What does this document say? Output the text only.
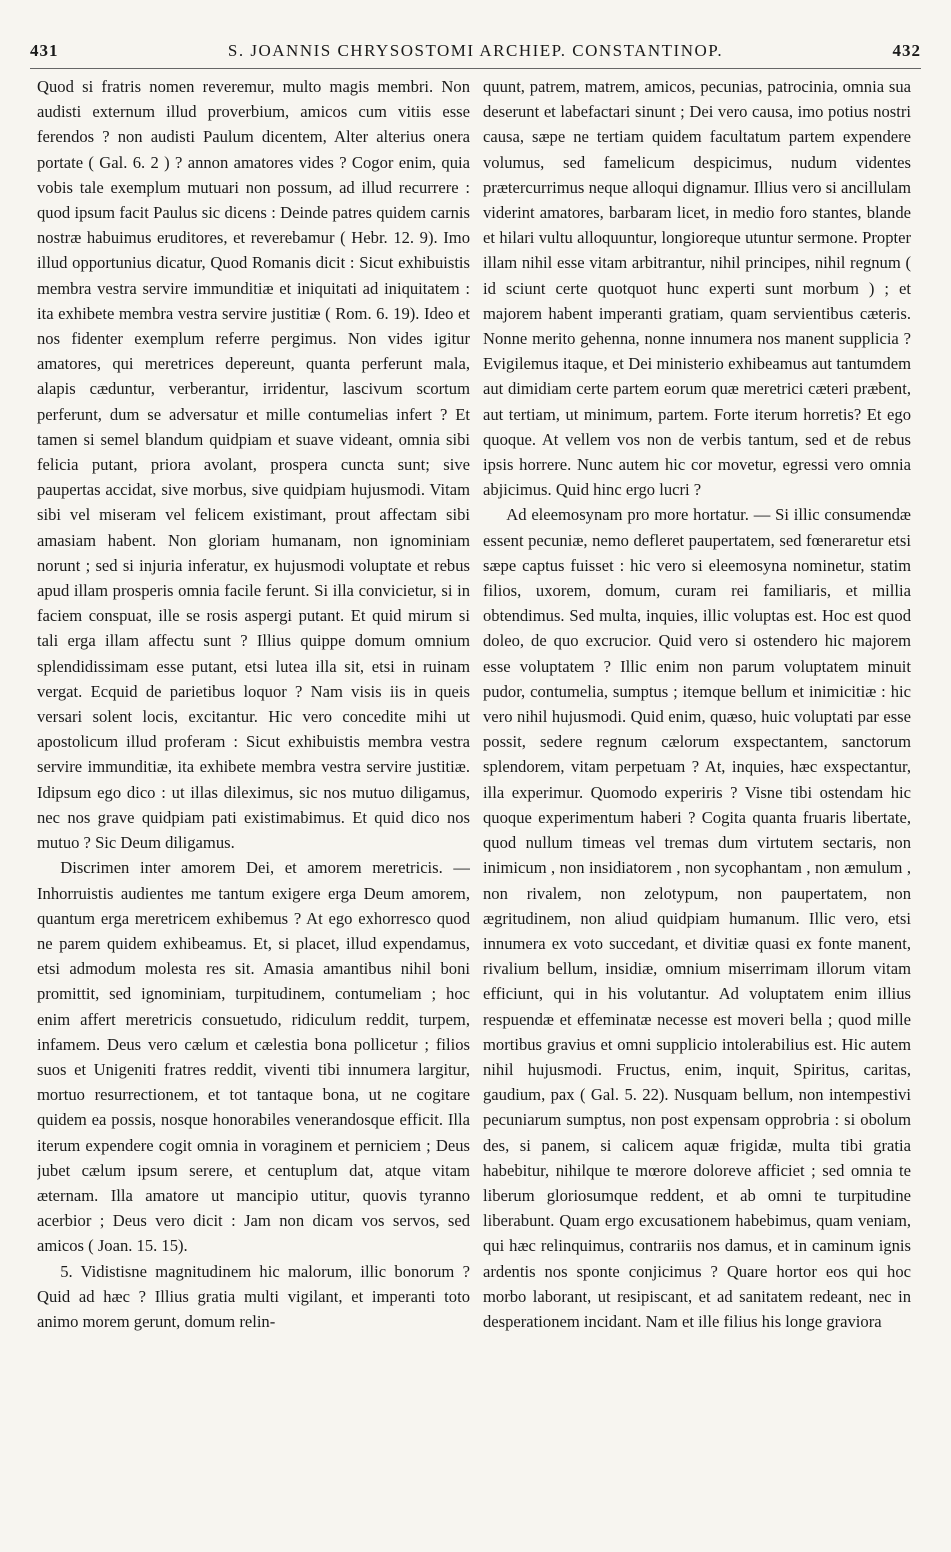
431	S. JOANNIS CHRYSOSTOMI ARCHIEP. CONSTANTINOP.	432

Quod si fratris nomen reveremur, multo magis membri. Non audisti externum illud proverbium, amicos cum vitiis esse ferendos ? non audisti Paulum dicentem, Alter alterius onera portate ( Gal. 6. 2 ) ? annon amatores vides ? Cogor enim, quia vobis tale exemplum mutuari non possum, ad illud recurrere : quod ipsum facit Paulus sic dicens : Deinde patres quidem carnis nostræ habuimus eruditores, et reverebamur ( Hebr. 12. 9). Imo illud opportunius dicatur, Quod Romanis dicit : Sicut exhibuistis membra vestra servire immunditiæ et iniquitati ad iniquitatem : ita exhibete membra vestra servire justitiæ ( Rom. 6. 19). Ideo et nos fidenter exemplum referre pergimus. Non vides igitur amatores, qui meretrices depereunt, quanta perferunt mala, alapis cæduntur, verberantur, irridentur, lascivum scortum perferunt, dum se adversatur et mille contumelias infert ? Et tamen si semel blandum quidpiam et suave videant, omnia sibi felicia putant, priora avolant, prospera cuncta sunt; sive paupertas accidat, sive morbus, sive quidpiam hujusmodi. Vitam sibi vel miseram vel felicem existimant, prout affectam sibi amasiam habent. Non gloriam humanam, non ignominiam norunt ; sed si injuria inferatur, ex hujusmodi voluptate et rebus apud illam prosperis omnia facile ferunt. Si illa convicietur, si in faciem conspuat, ille se rosis aspergi putant. Et quid mirum si tali erga illam affectu sunt ? Illius quippe domum omnium splendidissimam esse putant, etsi lutea illa sit, etsi in ruinam vergat. Ecquid de parietibus loquor ? Nam visis iis in queis versari solent locis, excitantur. Hic vero concedite mihi ut apostolicum illud proferam : Sicut exhibuistis membra vestra servire immunditiæ, ita exhibete membra vestra servire justitiæ. Idipsum ego dico : ut illas dileximus, sic nos mutuo diligamus, nec nos grave quidpiam pati existimabimus. Et quid dico nos mutuo ? Sic Deum diligamus.

Discrimen inter amorem Dei, et amorem meretricis. — Inhorruistis audientes me tantum exigere erga Deum amorem, quantum erga meretricem exhibemus ? At ego exhorresco quod ne parem quidem exhibeamus. Et, si placet, illud expendamus, etsi admodum molesta res sit. Amasia amantibus nihil boni promittit, sed ignominiam, turpitudinem, contumeliam ; hoc enim affert meretricis consuetudo, ridiculum reddit, turpem, infamem. Deus vero cælum et cælestia bona pollicetur ; filios suos et Unigeniti fratres reddit, viventi tibi innumera largitur, mortuo resurrectionem, et tot tantaque bona, ut ne cogitare quidem ea possis, nosque honorabiles venerandosque efficit. Illa iterum expendere cogit omnia in voraginem et perniciem ; Deus jubet cælum ipsum serere, et centuplum dat, atque vitam æternam. Illa amatore ut mancipio utitur, quovis tyranno acerbior ; Deus vero dicit : Jam non dicam vos servos, sed amicos ( Joan. 15. 15).

5. Vidistisne magnitudinem hic malorum, illic bonorum ? Quid ad hæc ? Illius gratia multi vigilant, et imperanti toto animo morem gerunt, domum relin-

quunt, patrem, matrem, amicos, pecunias, patrocinia, omnia sua deserunt et labefactari sinunt ; Dei vero causa, imo potius nostri causa, sæpe ne tertiam quidem facultatum partem expendere volumus, sed famelicum despicimus, nudum videntes prætercurrimus neque alloqui dignamur. Illius vero si ancillulam viderint amatores, barbaram licet, in medio foro stantes, blande et hilari vultu alloquuntur, longioreque utuntur sermone. Propter illam nihil esse vitam arbitrantur, nihil principes, nihil regnum ( id sciunt certe quotquot hunc experti sunt morbum ) ; et majorem habent imperanti gratiam, quam servientibus cæteris. Nonne merito gehenna, nonne innumera nos manent supplicia ? Evigilemus itaque, et Dei ministerio exhibeamus aut tantumdem aut dimidiam certe partem eorum quæ meretrici cæteri præbent, aut tertiam, ut minimum, partem. Forte iterum horretis? Et ego quoque. At vellem vos non de verbis tantum, sed et de rebus ipsis horrere. Nunc autem hic cor movetur, egressi vero omnia abjicimus. Quid hinc ergo lucri ?

Ad eleemosynam pro more hortatur. — Si illic consumendæ essent pecuniæ, nemo defleret paupertatem, sed fœneraretur etsi sæpe captus fuisset : hic vero si eleemosyna nominetur, statim filios, uxorem, domum, curam rei familiaris, et millia obtendimus. Sed multa, inquies, illic voluptas est. Hoc est quod doleo, de quo excrucior. Quid vero si ostendero hic majorem esse voluptatem ? Illic enim non parum voluptatem minuit pudor, contumelia, sumptus ; itemque bellum et inimicitiæ : hic vero nihil hujusmodi. Quid enim, quæso, huic voluptati par esse possit, sedere regnum cælorum exspectantem, sanctorum splendorem, vitam perpetuam ? At, inquies, hæc exspectantur, illa experimur. Quomodo experiris ? Visne tibi ostendam hic quoque experimentum haberi ? Cogita quanta fruaris libertate, quod nullum timeas vel tremas dum virtutem sectaris, non inimicum , non insidiatorem , non sycophantam , non æmulum , non rivalem, non zelotypum, non paupertatem, non ægritudinem, non aliud quidpiam humanum. Illic vero, etsi innumera ex voto succedant, et divitiæ quasi ex fonte manent, rivalium bellum, insidiæ, omnium miserrimam illorum vitam efficiunt, qui in his volutantur. Ad voluptatem enim illius respuendæ et effeminatæ necesse est moveri bella ; quod mille mortibus gravius et omni supplicio intolerabilius est. Hic autem nihil hujusmodi. Fructus, enim, inquit, Spiritus, caritas, gaudium, pax ( Gal. 5. 22). Nusquam bellum, non intempestivi pecuniarum sumptus, non post expensam opprobria : si obolum des, si panem, si calicem aquæ frigidæ, multa tibi gratia habebitur, nihilque te mœrore doloreve afficiet ; sed omnia te liberum gloriosumque reddent, et ab omni te turpitudine liberabunt. Quam ergo excusationem habebimus, quam veniam, qui hæc relinquimus, contrariis nos damus, et in caminum ignis ardentis nos sponte conjicimus ? Quare hortor eos qui hoc morbo laborant, ut resipiscant, et ad sanitatem redeant, nec in desperationem incidant. Nam et ille filius his longe graviora
